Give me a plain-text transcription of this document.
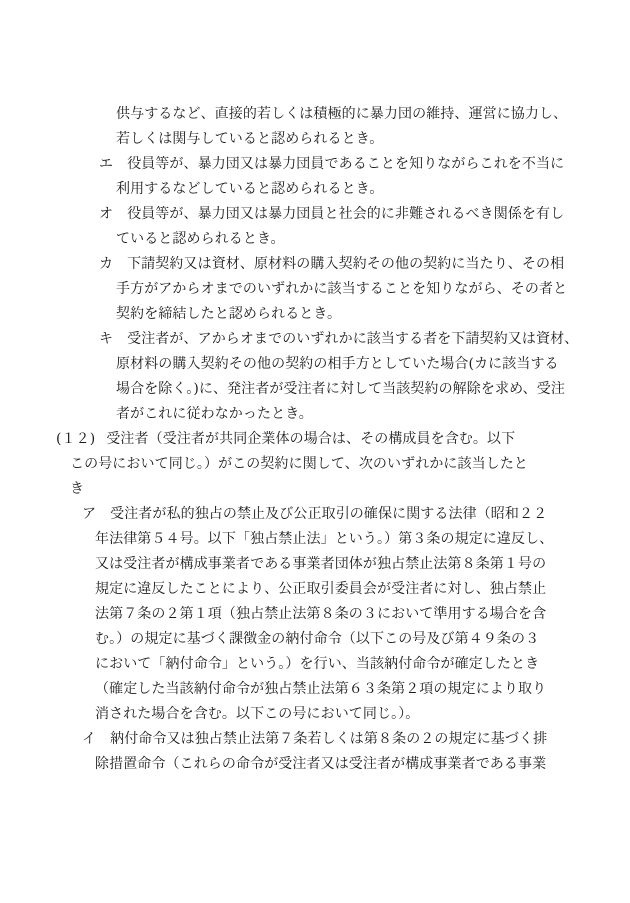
供与するなど、直接的若しくは積極的に暴力団の維持、運営に協力し、
若しくは関与していると認められるとき。
エ 役員等が、暴力団又は暴力団員であることを知りながらこれを不当に
利用するなどしていると認められるとき。
オ 役員等が、暴力団又は暴力団員と社会的に非難されるべき関係を有し
ていると認められるとき。
カ 下請契約又は資材、原材料の購入契約その他の契約に当たり、その相
手方がアからオまでのいずれかに該当することを知りながら、その者と
契約を締結したと認められるとき。
キ 受注者が、アからオまでのいずれかに該当する者を下請契約又は資材、
原材料の購入契約その他の契約の相手方としていた場合(カに該当する
場合を除く。)に、発注者が受注者に対して当該契約の解除を求め、受注
者がこれに従わなかったとき。
(１２) 受注者（受注者が共同企業体の場合は、その構成員を含む。以下
この号において同じ。）がこの契約に関して、次のいずれかに該当したと
き
ア 受注者が私的独占の禁止及び公正取引の確保に関する法律（昭和２２
年法律第５４号。以下「独占禁止法」という。）第３条の規定に違反し、
又は受注者が構成事業者である事業者団体が独占禁止法第８条第１号の
規定に違反したことにより、公正取引委員会が受注者に対し、独占禁止
法第７条の２第１項（独占禁止法第８条の３において準用する場合を含
む。）の規定に基づく課徴金の納付命令（以下この号及び第４９条の３
において「納付命令」という。）を行い、当該納付命令が確定したとき
（確定した当該納付命令が独占禁止法第６３条第２項の規定により取り
消された場合を含む。以下この号において同じ。）。
イ 納付命令又は独占禁止法第７条若しくは第８条の２の規定に基づく排
除措置命令（これらの命令が受注者又は受注者が構成事業者である事業
